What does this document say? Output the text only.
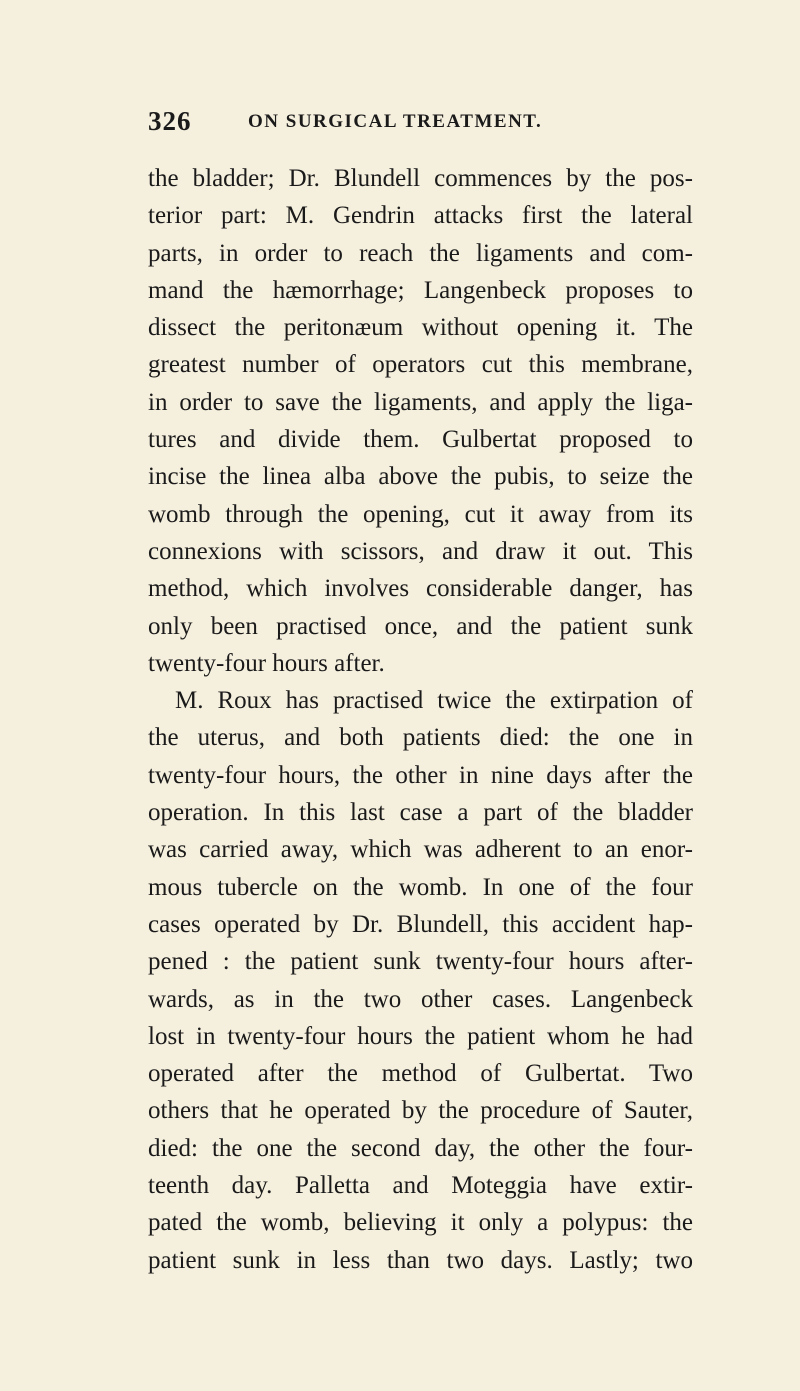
326	ON SURGICAL TREATMENT.
the bladder; Dr. Blundell commences by the pos-
terior part: M. Gendrin attacks first the lateral
parts, in order to reach the ligaments and com-
mand the hæmorrhage; Langenbeck proposes to
dissect the peritonæum without opening it. The
greatest number of operators cut this membrane,
in order to save the ligaments, and apply the liga-
tures and divide them. Gulbertat proposed to
incise the linea alba above the pubis, to seize the
womb through the opening, cut it away from its
connexions with scissors, and draw it out. This
method, which involves considerable danger, has
only been practised once, and the patient sunk
twenty-four hours after.
M. Roux has practised twice the extirpation of
the uterus, and both patients died: the one in
twenty-four hours, the other in nine days after the
operation. In this last case a part of the bladder
was carried away, which was adherent to an enor-
mous tubercle on the womb. In one of the four
cases operated by Dr. Blundell, this accident hap-
pened : the patient sunk twenty-four hours after-
wards, as in the two other cases. Langenbeck
lost in twenty-four hours the patient whom he had
operated after the method of Gulbertat. Two
others that he operated by the procedure of Sauter,
died: the one the second day, the other the four-
teenth day. Palletta and Moteggia have extir-
pated the womb, believing it only a polypus: the
patient sunk in less than two days. Lastly; two
